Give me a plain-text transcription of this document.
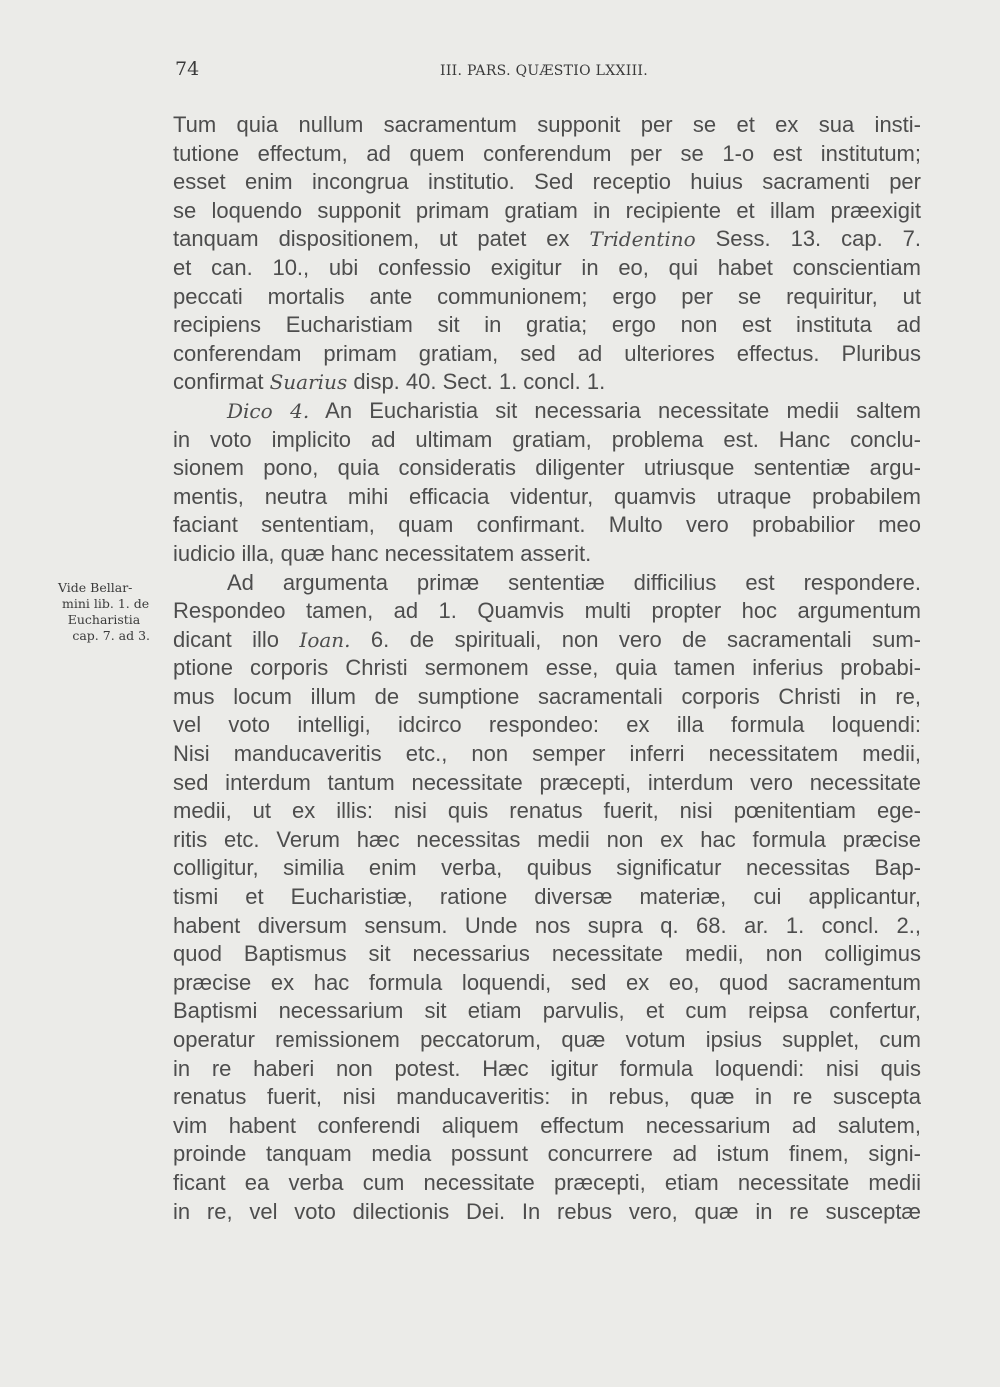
74	III. PARS. QUÆSTIO LXXIII.
Vide Bellar-
mini lib. 1. de
Eucharistia
cap. 7. ad 3.
Tum quia nullum sacramentum supponit per se et ex sua insti-
tutione effectum, ad quem conferendum per se 1-o est institutum;
esset enim incongrua institutio. Sed receptio huius sacramenti per
se loquendo supponit primam gratiam in recipiente et illam præexigit
tanquam dispositionem, ut patet ex Tridentino Sess. 13. cap. 7.
et can. 10., ubi confessio exigitur in eo, qui habet conscientiam
peccati mortalis ante communionem; ergo per se requiritur, ut
recipiens Eucharistiam sit in gratia; ergo non est instituta ad
conferendam primam gratiam, sed ad ulteriores effectus. Pluribus
confirmat Suarius disp. 40. Sect. 1. concl. 1.
Dico 4. An Eucharistia sit necessaria necessitate medii saltem
in voto implicito ad ultimam gratiam, problema est. Hanc conclu-
sionem pono, quia consideratis diligenter utriusque sententiæ argu-
mentis, neutra mihi efficacia videntur, quamvis utraque probabilem
faciant sententiam, quam confirmant. Multo vero probabilior meo
iudicio illa, quæ hanc necessitatem asserit.
Ad argumenta primæ sententiæ difficilius est respondere.
Respondeo tamen, ad 1. Quamvis multi propter hoc argumentum
dicant illo Ioan. 6. de spirituali, non vero de sacramentali sum-
ptione corporis Christi sermonem esse, quia tamen inferius probabi-
mus locum illum de sumptione sacramentali corporis Christi in re,
vel voto intelligi, idcirco respondeo: ex illa formula loquendi:
Nisi manducaveritis etc., non semper inferri necessitatem medii,
sed interdum tantum necessitate præcepti, interdum vero necessitate
medii, ut ex illis: nisi quis renatus fuerit, nisi pœnitentiam ege-
ritis etc. Verum hæc necessitas medii non ex hac formula præcise
colligitur, similia enim verba, quibus significatur necessitas Bap-
tismi et Eucharistiæ, ratione diversæ materiæ, cui applicantur,
habent diversum sensum. Unde nos supra q. 68. ar. 1. concl. 2.,
quod Baptismus sit necessarius necessitate medii, non colligimus
præcise ex hac formula loquendi, sed ex eo, quod sacramentum
Baptismi necessarium sit etiam parvulis, et cum reipsa confertur,
operatur remissionem peccatorum, quæ votum ipsius supplet, cum
in re haberi non potest. Hæc igitur formula loquendi: nisi quis
renatus fuerit, nisi manducaveritis: in rebus, quæ in re suscepta
vim habent conferendi aliquem effectum necessarium ad salutem,
proinde tanquam media possunt concurrere ad istum finem, signi-
ficant ea verba cum necessitate præcepti, etiam necessitate medii
in re, vel voto dilectionis Dei. In rebus vero, quæ in re susceptæ
